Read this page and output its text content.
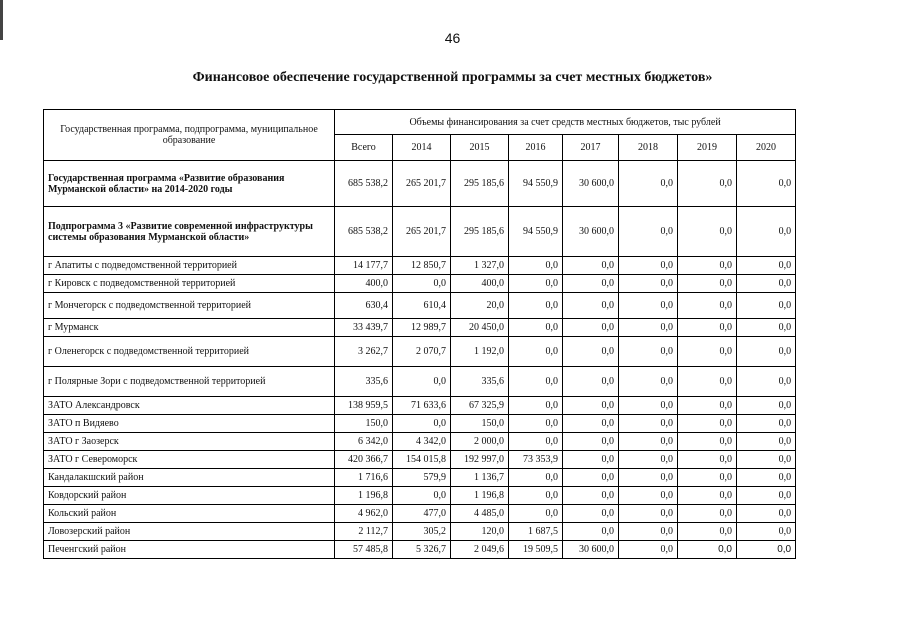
46
Финансовое обеспечение государственной программы за счет местных бюджетов»
Государственная программа, подпрограмма, муниципальное образование	Объемы финансирования за счет средств местных бюджетов, тыс рублей							
	Всего	2014	2015	2016	2017	2018	2019	2020
Государственная программа «Развитие образования Мурманской области» на 2014-2020 годы	685 538,2	265 201,7	295 185,6	94 550,9	30 600,0	0,0	0,0	0,0
Подпрограмма 3 «Развитие современной инфраструктуры системы образования Мурманской области»	685 538,2	265 201,7	295 185,6	94 550,9	30 600,0	0,0	0,0	0,0
г Апатиты с подведомственной территорией	14 177,7	12 850,7	1 327,0	0,0	0,0	0,0	0,0	0,0
г Кировск с подведомственной территорией	400,0	0,0	400,0	0,0	0,0	0,0	0,0	0,0
г Мончегорск с подведомственной территорией	630,4	610,4	20,0	0,0	0,0	0,0	0,0	0,0
г Мурманск	33 439,7	12 989,7	20 450,0	0,0	0,0	0,0	0,0	0,0
г Оленегорск с подведомственной территорией	3 262,7	2 070,7	1 192,0	0,0	0,0	0,0	0,0	0,0
г Полярные Зори с подведомственной территорией	335,6	0,0	335,6	0,0	0,0	0,0	0,0	0,0
ЗАТО Александровск	138 959,5	71 633,6	67 325,9	0,0	0,0	0,0	0,0	0,0
ЗАТО п Видяево	150,0	0,0	150,0	0,0	0,0	0,0	0,0	0,0
ЗАТО г Заозерск	6 342,0	4 342,0	2 000,0	0,0	0,0	0,0	0,0	0,0
ЗАТО г Североморск	420 366,7	154 015,8	192 997,0	73 353,9	0,0	0,0	0,0	0,0
Кандалакшский район	1 716,6	579,9	1 136,7	0,0	0,0	0,0	0,0	0,0
Ковдорский район	1 196,8	0,0	1 196,8	0,0	0,0	0,0	0,0	0,0
Кольский район	4 962,0	477,0	4 485,0	0,0	0,0	0,0	0,0	0,0
Ловозерский район	2 112,7	305,2	120,0	1 687,5	0,0	0,0	0,0	0,0
Печенгский район	57 485,8	5 326,7	2 049,6	19 509,5	30 600,0	0,0	0,0	0,0
